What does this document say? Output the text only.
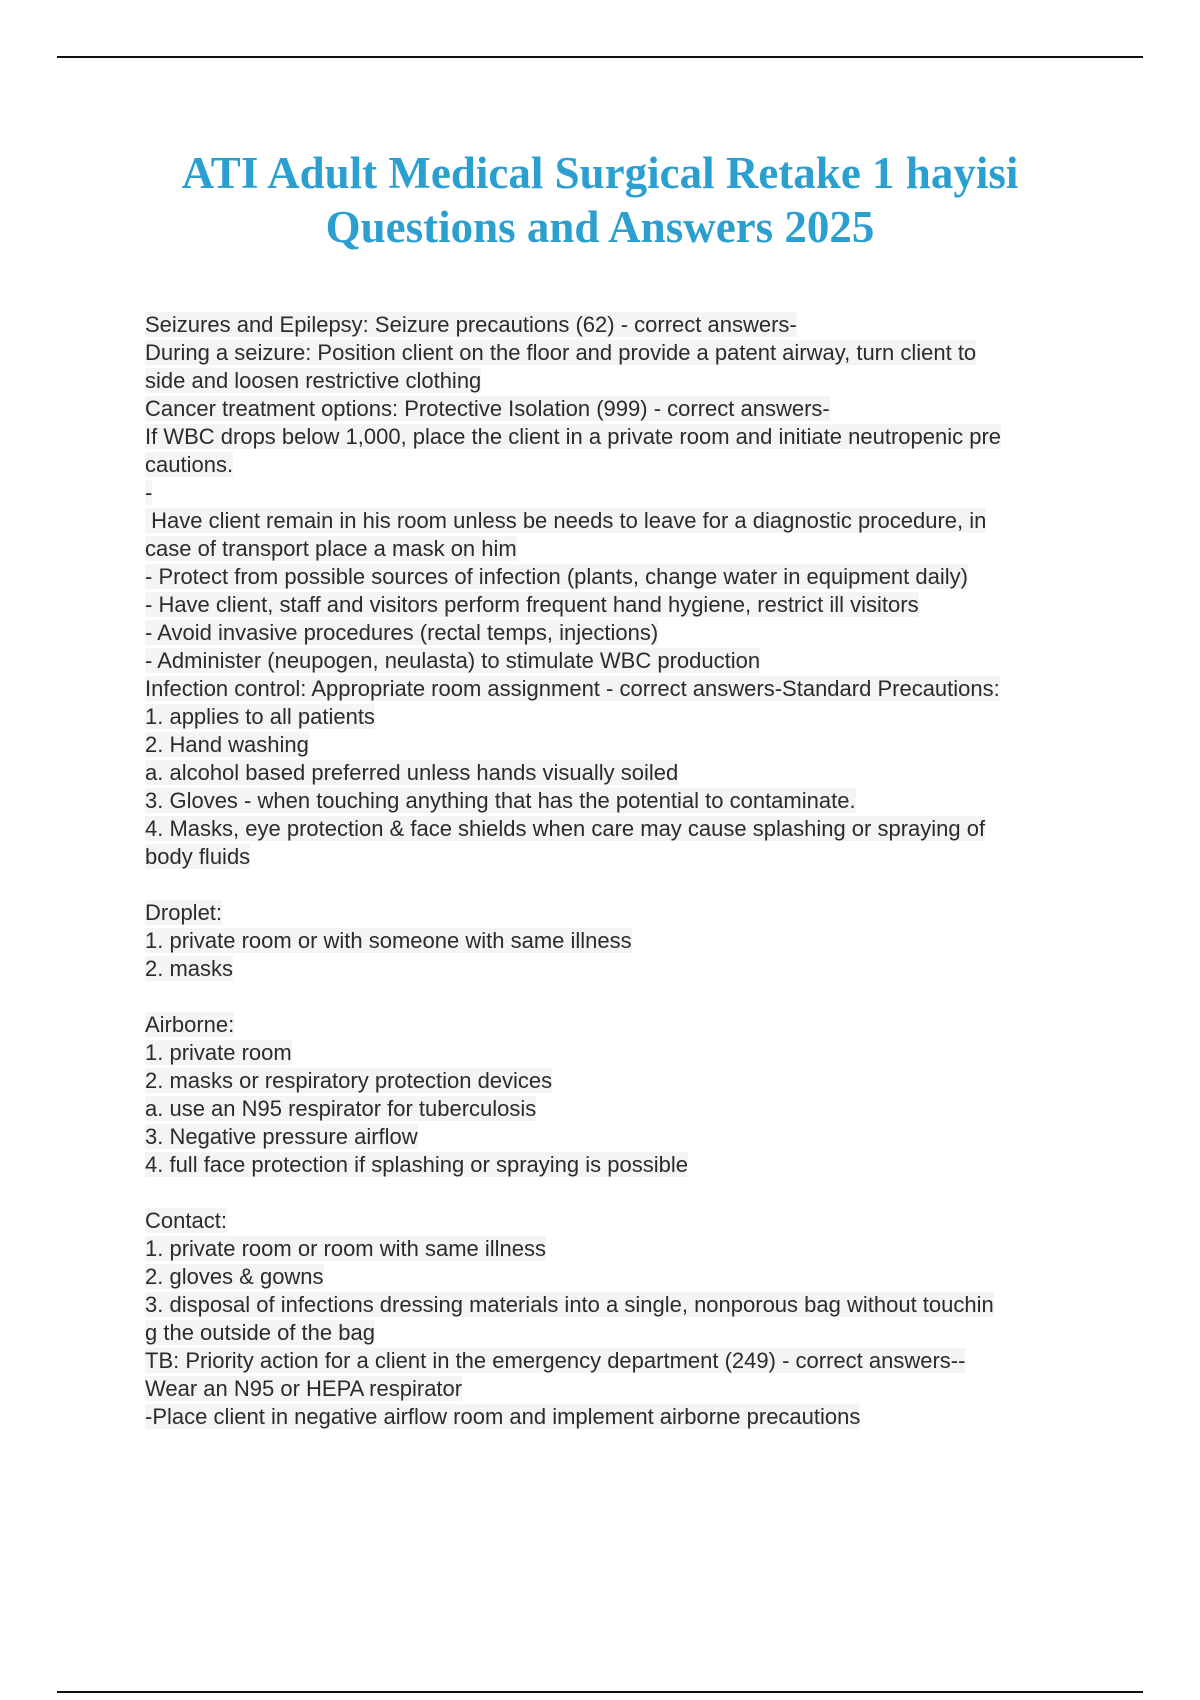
ATI Adult Medical Surgical Retake 1 hayisi
Questions and Answers 2025
Seizures and Epilepsy: Seizure precautions (62) - correct answers-
During a seizure: Position client on the floor and provide a patent airway, turn client to
side and loosen restrictive clothing
Cancer treatment options: Protective Isolation (999) - correct answers-
If WBC drops below 1,000, place the client in a private room and initiate neutropenic pre
cautions.
-
Have client remain in his room unless be needs to leave for a diagnostic procedure, in
case of transport place a mask on him
- Protect from possible sources of infection (plants, change water in equipment daily)
- Have client, staff and visitors perform frequent hand hygiene, restrict ill visitors
- Avoid invasive procedures (rectal temps, injections)
- Administer (neupogen, neulasta) to stimulate WBC production
Infection control: Appropriate room assignment - correct answers-Standard Precautions:
1. applies to all patients
2. Hand washing
a. alcohol based preferred unless hands visually soiled
3. Gloves - when touching anything that has the potential to contaminate.
4. Masks, eye protection & face shields when care may cause splashing or spraying of
body fluids
Droplet:
1. private room or with someone with same illness
2. masks
Airborne:
1. private room
2. masks or respiratory protection devices
a. use an N95 respirator for tuberculosis
3. Negative pressure airflow
4. full face protection if splashing or spraying is possible
Contact:
1. private room or room with same illness
2. gloves & gowns
3. disposal of infections dressing materials into a single, nonporous bag without touchin
g the outside of the bag
TB: Priority action for a client in the emergency department (249) - correct answers--
Wear an N95 or HEPA respirator
-Place client in negative airflow room and implement airborne precautions
